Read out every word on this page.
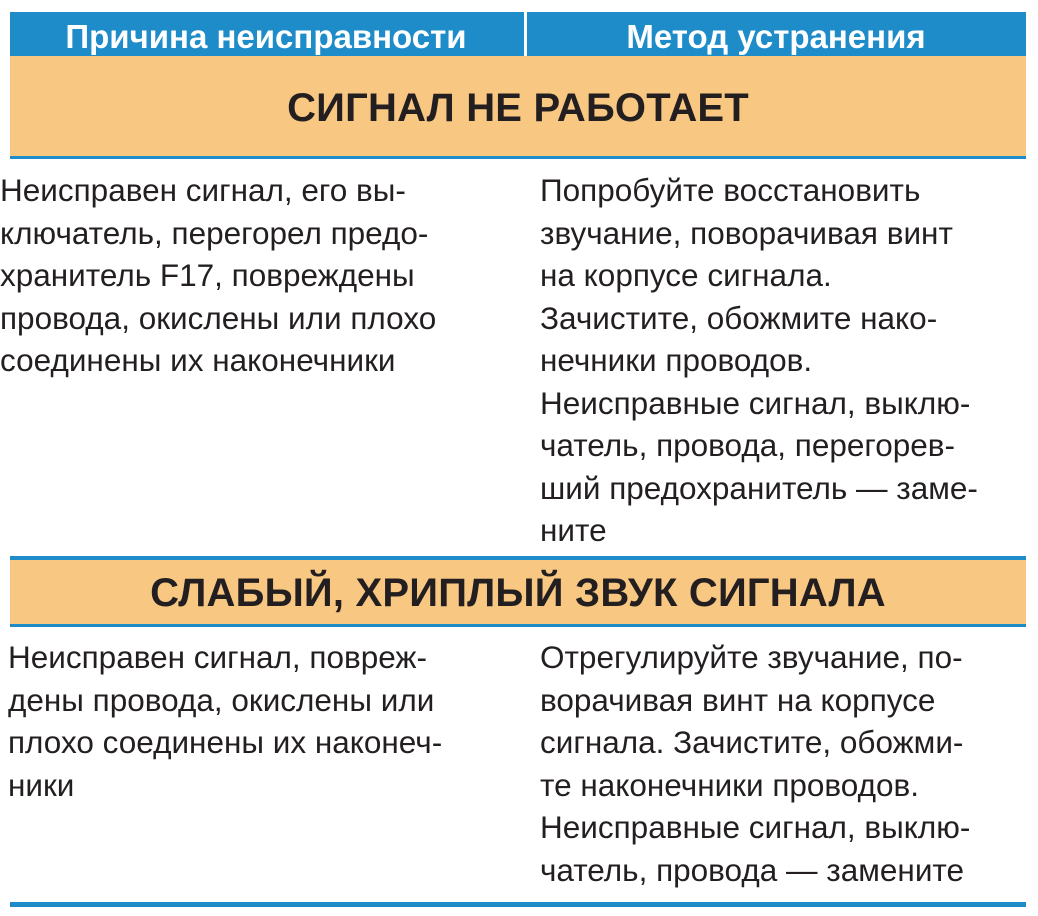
Причина неисправности	Метод устранения
СИГНАЛ НЕ РАБОТАЕТ
Неисправен сигнал, его вы-
ключатель, перегорел предо-
хранитель F17, повреждены
провода, окислены или плохо
соединены их наконечники
Попробуйте восстановить
звучание, поворачивая винт
на корпусе сигнала.
Зачистите, обожмите нако-
нечники проводов.
Неисправные сигнал, выклю-
чатель, провода, перегорев-
ший предохранитель — заме-
ните
СЛАБЫЙ, ХРИПЛЫЙ ЗВУК СИГНАЛА
Неисправен сигнал, повреж-
дены провода, окислены или
плохо соединены их наконеч-
ники
Отрегулируйте звучание, по-
ворачивая винт на корпусе
сигнала. Зачистите, обожми-
те наконечники проводов.
Неисправные сигнал, выклю-
чатель, провода — замените
